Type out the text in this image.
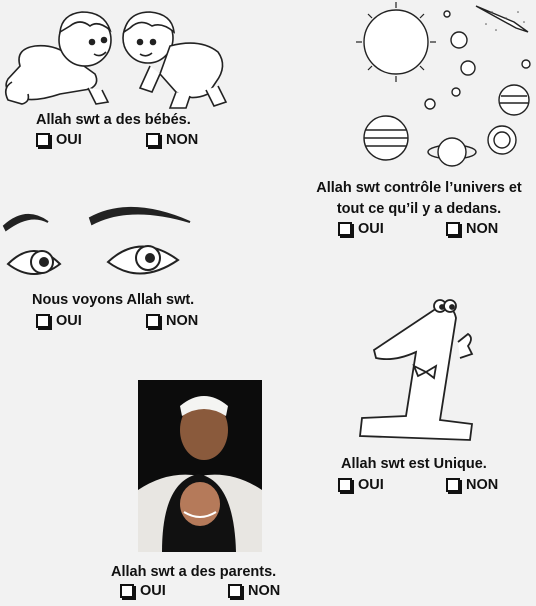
Allah swt a des bébés.
OUI	NON
Allah swt contrôle l’univers et
tout ce qu’il y a dedans.
OUI	NON
Nous voyons Allah swt.
OUI	NON
Allah swt est Unique.
OUI	NON
Allah swt a des parents.
OUI	NON
